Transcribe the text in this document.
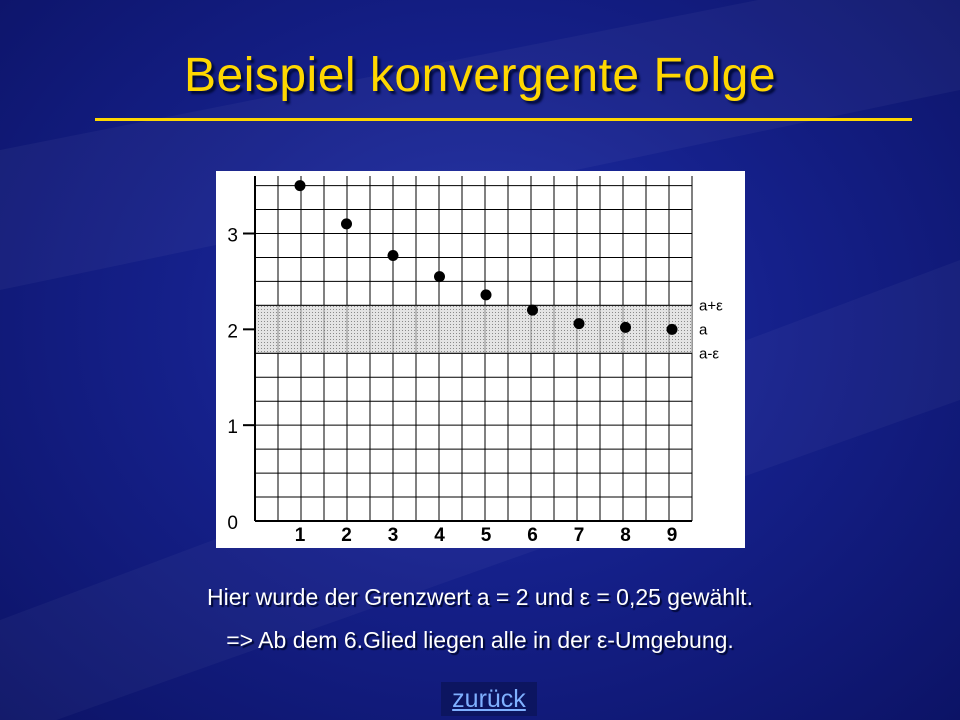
Beispiel konvergente Folge
0
1
2
3
1 2 3 4 5 6 7 8 9
a+ε
a
a-ε
Hier wurde der Grenzwert a = 2 und ε = 0,25 gewählt.
=> Ab dem 6.Glied liegen alle in der ε-Umgebung.
zurück
